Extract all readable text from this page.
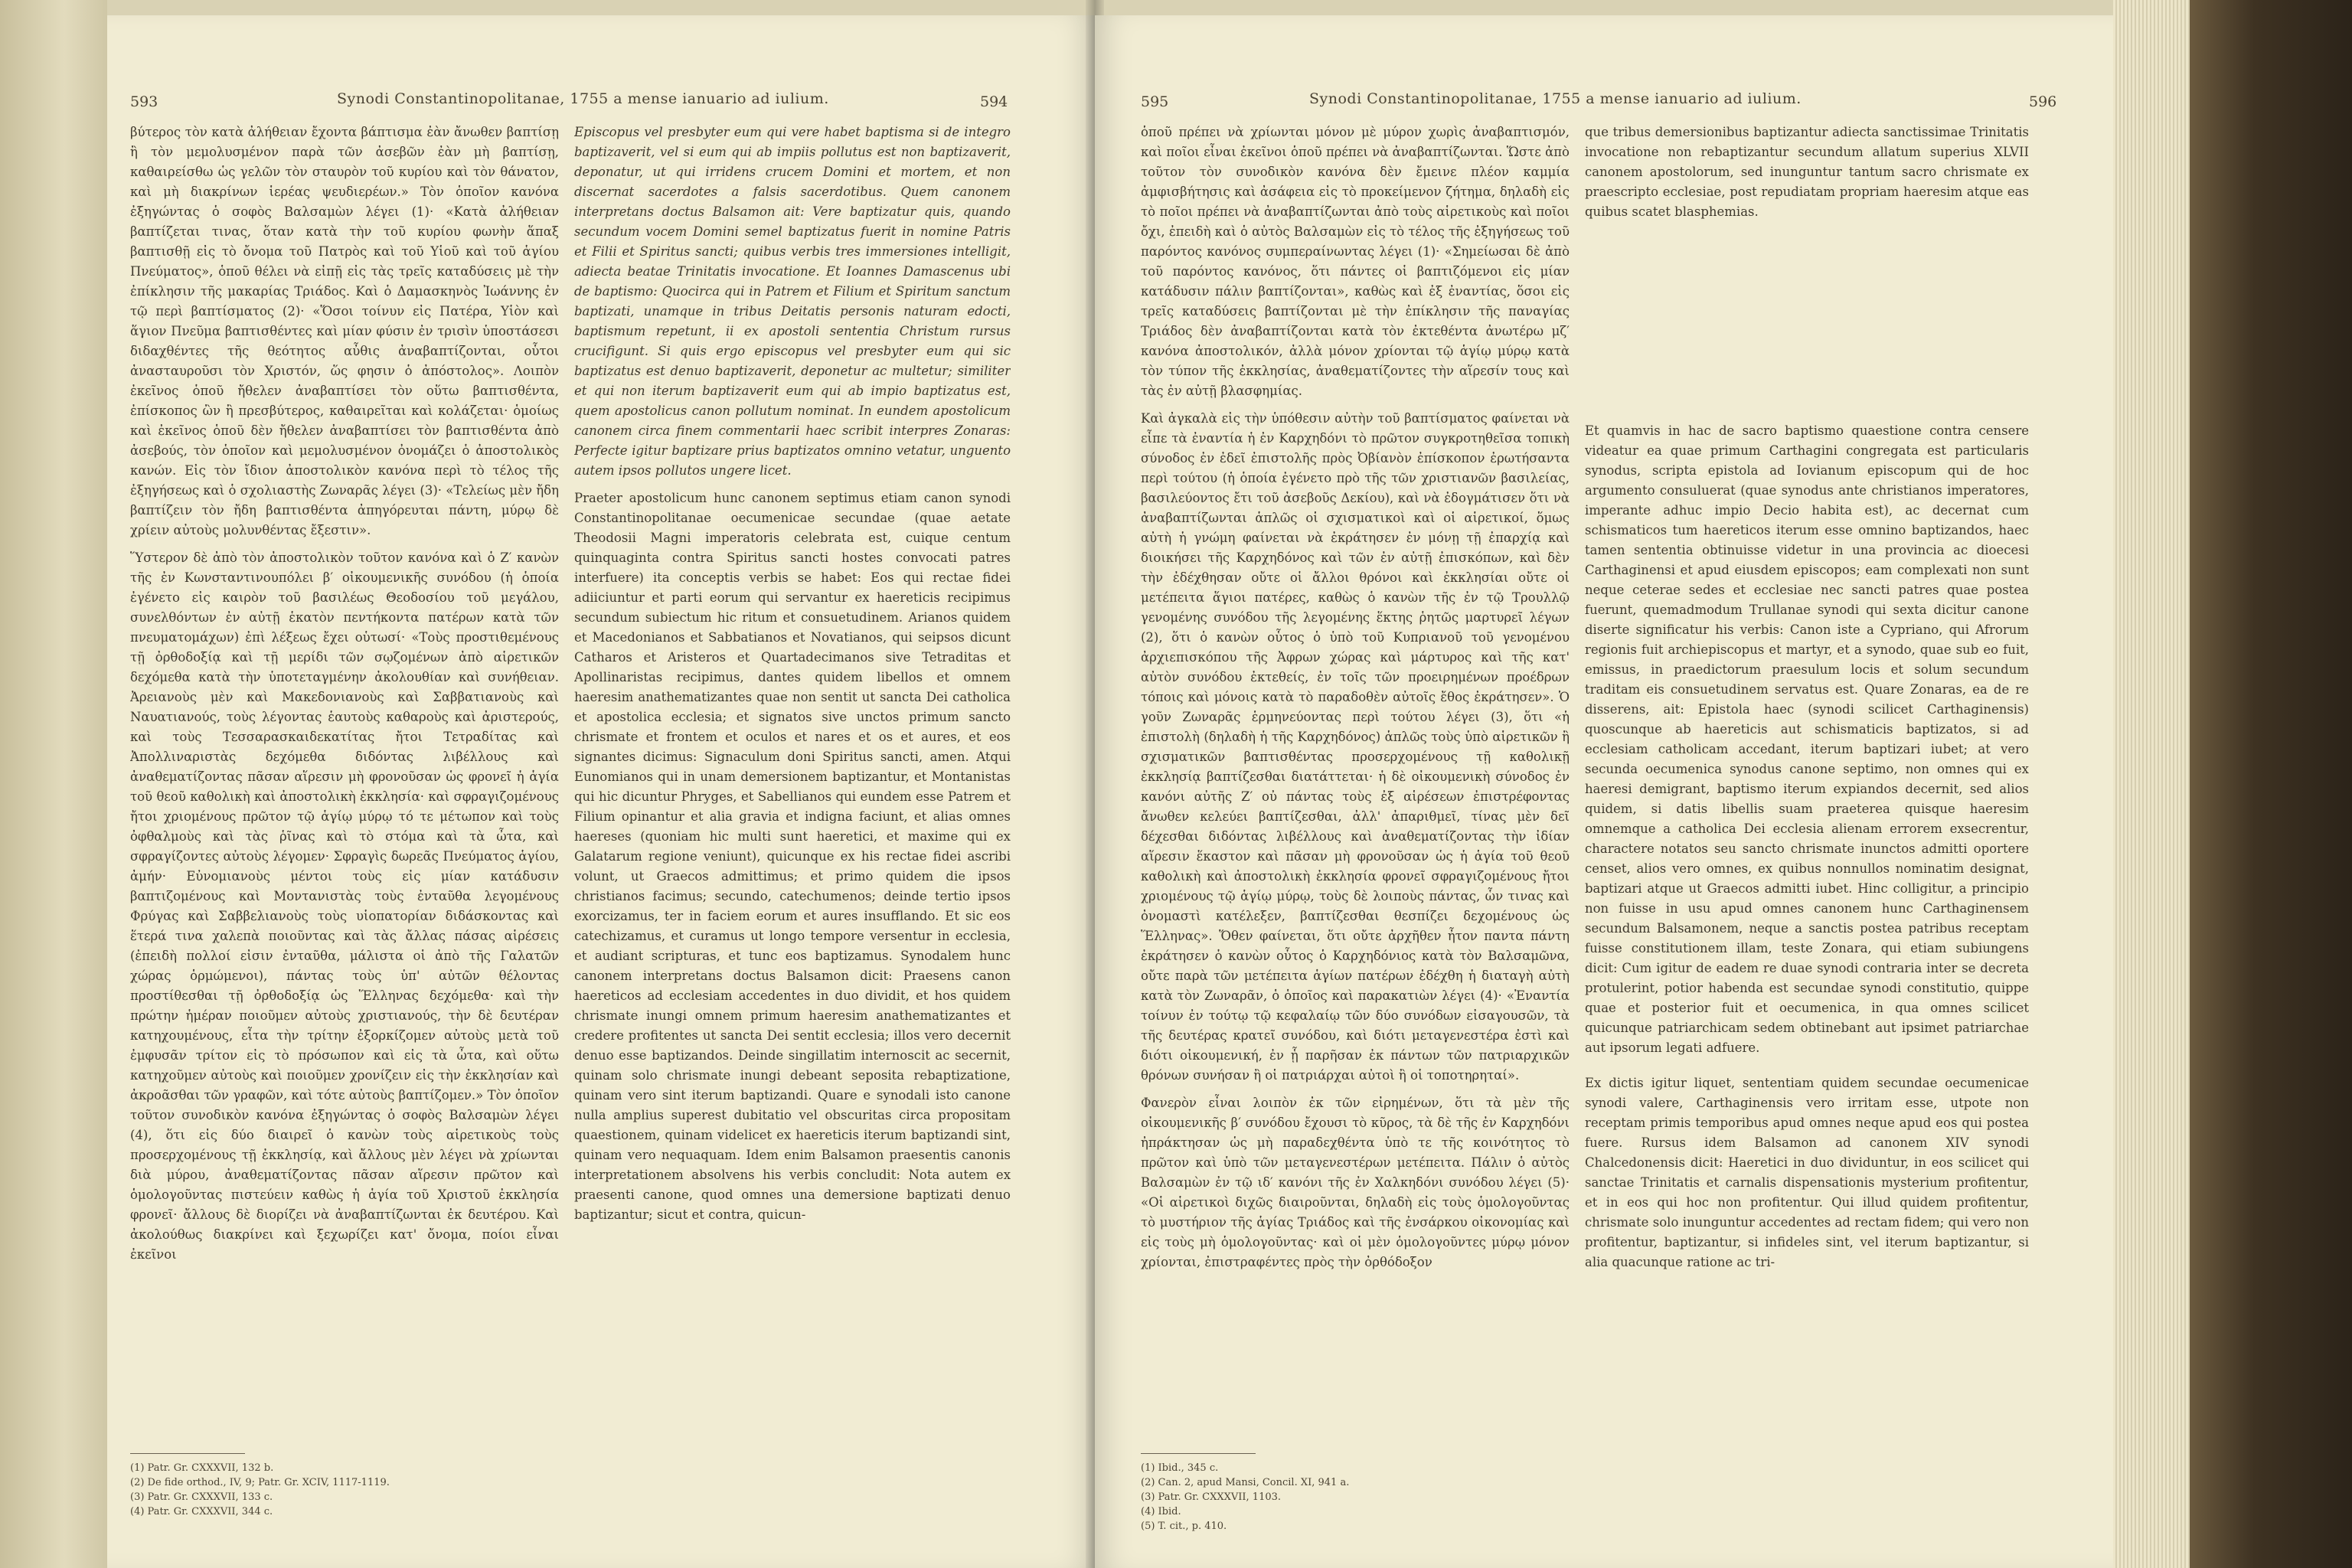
593	Synodi Constantinopolitanae, 1755 a mense ianuario ad iulium.	594

βύτερος τὸν κατὰ ἀλήθειαν ἔχοντα βάπτισμα ἐὰν ἄνωθεν βαπτίσῃ ἢ τὸν μεμολυσμένον παρὰ τῶν ἀσεβῶν ἐὰν μὴ βαπτίσῃ, καθαιρείσθω ὡς γελῶν τὸν σταυρὸν τοῦ κυρίου καὶ τὸν θάνατον, καὶ μὴ διακρίνων ἱερέας ψευδιερέων.» Τὸν ὁποῖον κανόνα ἐξηγώντας ὁ σοφὸς Βαλσαμὼν λέγει (1)· «Κατὰ ἀλήθειαν βαπτίζεται τινας, ὅταν κατὰ τὴν τοῦ κυρίου φωνὴν ἅπαξ βαπτισθῇ εἰς τὸ ὄνομα τοῦ Πατρὸς καὶ τοῦ Υἱοῦ καὶ τοῦ ἁγίου Πνεύματος», ὁποῦ θέλει νὰ εἰπῇ εἰς τὰς τρεῖς καταδύσεις μὲ τὴν ἐπίκλησιν τῆς μακαρίας Τριάδος. Καὶ ὁ Δαμασκηνὸς Ἰωάννης ἐν τῷ περὶ βαπτίσματος (2)· «Ὅσοι τοίνυν εἰς Πατέρα, Υἱὸν καὶ ἅγιον Πνεῦμα βαπτισθέντες καὶ μίαν φύσιν ἐν τρισὶν ὑποστάσεσι διδαχθέντες τῆς θεότητος αὖθις ἀναβαπτίζονται, οὗτοι ἀνασταυροῦσι τὸν Χριστόν, ὥς φησιν ὁ ἀπόστολος». Λοιπὸν ἐκεῖνος ὁποῦ ἤθελεν ἀναβαπτίσει τὸν οὕτω βαπτισθέντα, ἐπίσκοπος ὢν ἢ πρεσβύτερος, καθαιρεῖται καὶ κολάζεται· ὁμοίως καὶ ἐκεῖνος ὁποῦ δὲν ἤθελεν ἀναβαπτίσει τὸν βαπτισθέντα ἀπὸ ἀσεβούς, τὸν ὁποῖον καὶ μεμολυσμένον ὀνομάζει ὁ ἀποστολικὸς κανών. Εἰς τὸν ἴδιον ἀποστολικὸν κανόνα περὶ τὸ τέλος τῆς ἐξηγήσεως καὶ ὁ σχολιαστὴς Ζωναρᾶς λέγει (3)· «Τελείως μὲν ἤδη βαπτίζειν τὸν ἤδη βαπτισθέντα ἀπηγόρευται πάντη, μύρῳ δὲ χρίειν αὐτοὺς μολυνθέντας ἔξεστιν».

Ὕστερον δὲ ἀπὸ τὸν ἀποστολικὸν τοῦτον κανόνα καὶ ὁ Ζ′ κανὼν τῆς ἐν Κωνσταντινουπόλει β′ οἰκουμενικῆς συνόδου (ἡ ὁποία ἐγένετο εἰς καιρὸν τοῦ βασιλέως Θεοδοσίου τοῦ μεγάλου, συνελθόντων ἐν αὐτῇ ἑκατὸν πεντήκοντα πατέρων κατὰ τῶν πνευματομάχων) ἐπὶ λέξεως ἔχει οὑτωσί· «Τοὺς προστιθεμένους τῇ ὀρθοδοξίᾳ καὶ τῇ μερίδι τῶν σῳζομένων ἀπὸ αἱρετικῶν δεχόμεθα κατὰ τὴν ὑποτεταγμένην ἀκολουθίαν καὶ συνήθειαν. Ἀρειανοὺς μὲν καὶ Μακεδονιανοὺς καὶ Σαββατιανοὺς καὶ Ναυατιανούς, τοὺς λέγοντας ἑαυτοὺς καθαροὺς καὶ ἀριστερούς, καὶ τοὺς Τεσσαρασκαιδεκατίτας ἤτοι Τετραδίτας καὶ Ἀπολλιναριστὰς δεχόμεθα διδόντας λιβέλλους καὶ ἀναθεματίζοντας πᾶσαν αἵρεσιν μὴ φρονοῦσαν ὡς φρονεῖ ἡ ἁγία τοῦ θεοῦ καθολικὴ καὶ ἀποστολικὴ ἐκκλησία· καὶ σφραγιζομένους ἤτοι χριομένους πρῶτον τῷ ἁγίῳ μύρῳ τό τε μέτωπον καὶ τοὺς ὀφθαλμοὺς καὶ τὰς ῥῖνας καὶ τὸ στόμα καὶ τὰ ὦτα, καὶ σφραγίζοντες αὐτοὺς λέγομεν· Σφραγὶς δωρεᾶς Πνεύματος ἁγίου, ἀμήν· Εὐνομιανοὺς μέντοι τοὺς εἰς μίαν κατάδυσιν βαπτιζομένους καὶ Μοντανιστὰς τοὺς ἐνταῦθα λεγομένους Φρύγας καὶ Σαββελιανοὺς τοὺς υἱοπατορίαν διδάσκοντας καὶ ἕτερά τινα χαλεπὰ ποιοῦντας καὶ τὰς ἄλλας πάσας αἱρέσεις (ἐπειδὴ πολλοί εἰσιν ἐνταῦθα, μάλιστα οἱ ἀπὸ τῆς Γαλατῶν χώρας ὁρμώμενοι), πάντας τοὺς ὑπ' αὐτῶν θέλοντας προστίθεσθαι τῇ ὀρθοδοξίᾳ ὡς Ἕλληνας δεχόμεθα· καὶ τὴν πρώτην ἡμέραν ποιοῦμεν αὐτοὺς χριστιανούς, τὴν δὲ δευτέραν κατηχουμένους, εἶτα τὴν τρίτην ἐξορκίζομεν αὐτοὺς μετὰ τοῦ ἐμφυσᾶν τρίτον εἰς τὸ πρόσωπον καὶ εἰς τὰ ὦτα, καὶ οὕτω κατηχοῦμεν αὐτοὺς καὶ ποιοῦμεν χρονίζειν εἰς τὴν ἐκκλησίαν καὶ ἀκροᾶσθαι τῶν γραφῶν, καὶ τότε αὐτοὺς βαπτίζομεν.» Τὸν ὁποῖον τοῦτον συνοδικὸν κανόνα ἐξηγώντας ὁ σοφὸς Βαλσαμὼν λέγει (4), ὅτι εἰς δύο διαιρεῖ ὁ κανὼν τοὺς αἱρετικοὺς τοὺς προσερχομένους τῇ ἐκκλησίᾳ, καὶ ἄλλους μὲν λέγει νὰ χρίωνται διὰ μύρου, ἀναθεματίζοντας πᾶσαν αἵρεσιν πρῶτον καὶ ὁμολογοῦντας πιστεύειν καθὼς ἡ ἁγία τοῦ Χριστοῦ ἐκκλησία φρονεῖ· ἄλλους δὲ διορίζει νὰ ἀναβαπτίζωνται ἐκ δευτέρου. Καὶ ἀκολούθως διακρίνει καὶ ξεχωρίζει κατ' ὄνομα, ποίοι εἶναι ἐκεῖνοι

Episcopus vel presbyter eum qui vere habet baptisma si de integro baptizaverit, vel si eum qui ab impiis pollutus est non baptizaverit, deponatur, ut qui irridens crucem Domini et mortem, et non discernat sacerdotes a falsis sacerdotibus. Quem canonem interpretans doctus Balsamon ait: Vere baptizatur quis, quando secundum vocem Domini semel baptizatus fuerit in nomine Patris et Filii et Spiritus sancti; quibus verbis tres immersiones intelligit, adiecta beatae Trinitatis invocatione. Et Ioannes Damascenus ubi de baptismo: Quocirca qui in Patrem et Filium et Spiritum sanctum baptizati, unamque in tribus Deitatis personis naturam edocti, baptismum repetunt, ii ex apostoli sententia Christum rursus crucifigunt. Si quis ergo episcopus vel presbyter eum qui sic baptizatus est denuo baptizaverit, deponetur ac multetur; similiter et qui non iterum baptizaverit eum qui ab impio baptizatus est, quem apostolicus canon pollutum nominat. In eundem apostolicum canonem circa finem commentarii haec scribit interpres Zonaras: Perfecte igitur baptizare prius baptizatos omnino vetatur, unguento autem ipsos pollutos ungere licet.

Praeter apostolicum hunc canonem septimus etiam canon synodi Constantinopolitanae oecumenicae secundae (quae aetate Theodosii Magni imperatoris celebrata est, cuique centum quinquaginta contra Spiritus sancti hostes convocati patres interfuere) ita conceptis verbis se habet: Eos qui rectae fidei adiiciuntur et parti eorum qui servantur ex haereticis recipimus secundum subiectum hic ritum et consuetudinem. Arianos quidem et Macedonianos et Sabbatianos et Novatianos, qui seipsos dicunt Catharos et Aristeros et Quartadecimanos sive Tetraditas et Apollinaristas recipimus, dantes quidem libellos et omnem haeresim anathematizantes quae non sentit ut sancta Dei catholica et apostolica ecclesia; et signatos sive unctos primum sancto chrismate et frontem et oculos et nares et os et aures, et eos signantes dicimus: Signaculum doni Spiritus sancti, amen. Atqui Eunomianos qui in unam demersionem baptizantur, et Montanistas qui hic dicuntur Phryges, et Sabellianos qui eundem esse Patrem et Filium opinantur et alia gravia et indigna faciunt, et alias omnes haereses (quoniam hic multi sunt haeretici, et maxime qui ex Galatarum regione veniunt), quicunque ex his rectae fidei ascribi volunt, ut Graecos admittimus; et primo quidem die ipsos christianos facimus; secundo, catechumenos; deinde tertio ipsos exorcizamus, ter in faciem eorum et aures insufflando. Et sic eos catechizamus, et curamus ut longo tempore versentur in ecclesia, et audiant scripturas, et tunc eos baptizamus. Synodalem hunc canonem interpretans doctus Balsamon dicit: Praesens canon haereticos ad ecclesiam accedentes in duo dividit, et hos quidem chrismate inungi omnem primum haeresim anathematizantes et credere profitentes ut sancta Dei sentit ecclesia; illos vero decernit denuo esse baptizandos. Deinde singillatim internoscit ac secernit, quinam solo chrismate inungi debeant seposita rebaptizatione, quinam vero sint iterum baptizandi. Quare e synodali isto canone nulla amplius superest dubitatio vel obscuritas circa propositam quaestionem, quinam videlicet ex haereticis iterum baptizandi sint, quinam vero nequaquam. Idem enim Balsamon praesentis canonis interpretationem absolvens his verbis concludit: Nota autem ex praesenti canone, quod omnes una demersione baptizati denuo baptizantur; sicut et contra, quicun-

(1) Patr. Gr. CXXXVII, 132 b.
(2) De fide orthod., IV, 9; Patr. Gr. XCIV, 1117-1119.
(3) Patr. Gr. CXXXVII, 133 c.
(4) Patr. Gr. CXXXVII, 344 c.
595	Synodi Constantinopolitanae, 1755 a mense ianuario ad iulium.	596

ὁποῦ πρέπει νὰ χρίωνται μόνον μὲ μύρον χωρὶς ἀναβαπτισμόν, καὶ ποῖοι εἶναι ἐκεῖνοι ὁποῦ πρέπει νὰ ἀναβαπτίζωνται. Ὥστε ἀπὸ τοῦτον τὸν συνοδικὸν κανόνα δὲν ἔμεινε πλέον καμμία ἀμφισβήτησις καὶ ἀσάφεια εἰς τὸ προκείμενον ζήτημα, δηλαδὴ εἰς τὸ ποῖοι πρέπει νὰ ἀναβαπτίζωνται ἀπὸ τοὺς αἱρετικοὺς καὶ ποῖοι ὄχι, ἐπειδὴ καὶ ὁ αὐτὸς Βαλσαμὼν εἰς τὸ τέλος τῆς ἐξηγήσεως τοῦ παρόντος κανόνος συμπεραίνωντας λέγει (1)· «Σημείωσαι δὲ ἀπὸ τοῦ παρόντος κανόνος, ὅτι πάντες οἱ βαπτιζόμενοι εἰς μίαν κατάδυσιν πάλιν βαπτίζονται», καθὼς καὶ ἐξ ἐναντίας, ὅσοι εἰς τρεῖς καταδύσεις βαπτίζονται μὲ τὴν ἐπίκλησιν τῆς παναγίας Τριάδος δὲν ἀναβαπτίζονται κατὰ τὸν ἐκτεθέντα ἀνωτέρω μζ′ κανόνα ἀποστολικόν, ἀλλὰ μόνον χρίονται τῷ ἁγίῳ μύρῳ κατὰ τὸν τύπον τῆς ἐκκλησίας, ἀναθεματίζοντες τὴν αἵρεσίν τους καὶ τὰς ἐν αὐτῇ βλασφημίας.

Καὶ ἀγκαλὰ εἰς τὴν ὑπόθεσιν αὐτὴν τοῦ βαπτίσματος φαίνεται νὰ εἶπε τὰ ἐναντία ἡ ἐν Καρχηδόνι τὸ πρῶτον συγκροτηθεῖσα τοπικὴ σύνοδος ἐν ἐδεῖ ἐπιστολῆς πρὸς Ὀβίανὸν ἐπίσκοπον ἐρωτήσαντα περὶ τούτου (ἡ ὁποία ἐγένετο πρὸ τῆς τῶν χριστιανῶν βασιλείας, βασιλεύοντος ἔτι τοῦ ἀσεβοῦς Δεκίου), καὶ νὰ ἐδογμάτισεν ὅτι νὰ ἀναβαπτίζωνται ἁπλῶς οἱ σχισματικοὶ καὶ οἱ αἱρετικοί, ὅμως αὐτὴ ἡ γνώμη φαίνεται νὰ ἐκράτησεν ἐν μόνῃ τῇ ἐπαρχίᾳ καὶ διοικήσει τῆς Καρχηδόνος καὶ τῶν ἐν αὐτῇ ἐπισκόπων, καὶ δὲν τὴν ἐδέχθησαν οὔτε οἱ ἄλλοι θρόνοι καὶ ἐκκλησίαι οὔτε οἱ μετέπειτα ἅγιοι πατέρες, καθὼς ὁ κανὼν τῆς ἐν τῷ Τρουλλῷ γενομένης συνόδου τῆς λεγομένης ἕκτης ῥητῶς μαρτυρεῖ λέγων (2), ὅτι ὁ κανὼν οὗτος ὁ ὑπὸ τοῦ Κυπριανοῦ τοῦ γενομένου ἀρχιεπισκόπου τῆς Ἀφρων χώρας καὶ μάρτυρος καὶ τῆς κατ' αὐτὸν συνόδου ἐκτεθείς, ἐν τοῖς τῶν προειρημένων προέδρων τόποις καὶ μόνοις κατὰ τὸ παραδοθὲν αὐτοῖς ἔθος ἐκράτησεν». Ὁ γοῦν Ζωναρᾶς ἑρμηνεύοντας περὶ τούτου λέγει (3), ὅτι «ἡ ἐπιστολὴ (δηλαδὴ ἡ τῆς Καρχηδόνος) ἁπλῶς τοὺς ὑπὸ αἱρετικῶν ἢ σχισματικῶν βαπτισθέντας προσερχομένους τῇ καθολικῇ ἐκκλησίᾳ βαπτίζεσθαι διατάττεται· ἡ δὲ οἰκουμενικὴ σύνοδος ἐν κανόνι αὐτῆς Ζ′ οὐ πάντας τοὺς ἐξ αἱρέσεων ἐπιστρέφοντας ἄνωθεν κελεύει βαπτίζεσθαι, ἀλλ' ἀπαριθμεῖ, τίνας μὲν δεῖ δέχεσθαι διδόντας λιβέλλους καὶ ἀναθεματίζοντας τὴν ἰδίαν αἵρεσιν ἕκαστον καὶ πᾶσαν μὴ φρονοῦσαν ὡς ἡ ἁγία τοῦ θεοῦ καθολικὴ καὶ ἀποστολικὴ ἐκκλησία φρονεῖ σφραγιζομένους ἤτοι χριομένους τῷ ἁγίῳ μύρῳ, τοὺς δὲ λοιποὺς πάντας, ὧν τινας καὶ ὀνομαστὶ κατέλεξεν, βαπτίζεσθαι θεσπίζει δεχομένους ὡς Ἕλληνας». Ὅθεν φαίνεται, ὅτι οὔτε ἀρχῆθεν ἦτον παντα πάντη ἐκράτησεν ὁ κανὼν οὗτος ὁ Καρχηδόνιος κατὰ τὸν Βαλσαμῶνα, οὔτε παρὰ τῶν μετέπειτα ἁγίων πατέρων ἐδέχθη ἡ διαταγὴ αὐτὴ κατὰ τὸν Ζωναρᾶν, ὁ ὁποῖος καὶ παρακατιὼν λέγει (4)· «Ἐναντία τοίνυν ἐν τούτῳ τῷ κεφαλαίῳ τῶν δύο συνόδων εἰσαγουσῶν, τὰ τῆς δευτέρας κρατεῖ συνόδου, καὶ διότι μεταγενεστέρα ἐστὶ καὶ διότι οἰκουμενική, ἐν ᾗ παρῆσαν ἐκ πάντων τῶν πατριαρχικῶν θρόνων συνήσαν ἢ οἱ πατριάρχαι αὐτοὶ ἢ οἱ τοποτηρηταί».

Φανερὸν εἶναι λοιπὸν ἐκ τῶν εἰρημένων, ὅτι τὰ μὲν τῆς οἰκουμενικῆς β′ συνόδου ἔχουσι τὸ κῦρος, τὰ δὲ τῆς ἐν Καρχηδόνι ἠπράκτησαν ὡς μὴ παραδεχθέντα ὑπὸ τε τῆς κοινότητος τὸ πρῶτον καὶ ὑπὸ τῶν μεταγενεστέρων μετέπειτα. Πάλιν ὁ αὐτὸς Βαλσαμὼν ἐν τῷ ιδ′ κανόνι τῆς ἐν Χαλκηδόνι συνόδου λέγει (5)· «Οἱ αἱρετικοὶ διχῶς διαιροῦνται, δηλαδὴ εἰς τοὺς ὁμολογοῦντας τὸ μυστήριον τῆς ἁγίας Τριάδος καὶ τῆς ἐνσάρκου οἰκονομίας καὶ εἰς τοὺς μὴ ὁμολογοῦντας· καὶ οἱ μὲν ὁμολογοῦντες μύρῳ μόνον χρίονται, ἐπιστραφέντες πρὸς τὴν ὀρθόδοξον

que tribus demersionibus baptizantur adiecta sanctissimae Trinitatis invocatione non rebaptizantur secundum allatum superius XLVII canonem apostolorum, sed inunguntur tantum sacro chrismate ex praescripto ecclesiae, post repudiatam propriam haeresim atque eas quibus scatet blasphemias.

Et quamvis in hac de sacro baptismo quaestione contra censere videatur ea quae primum Carthagini congregata est particularis synodus, scripta epistola ad Iovianum episcopum qui de hoc argumento consuluerat (quae synodus ante christianos imperatores, imperante adhuc impio Decio habita est), ac decernat cum schismaticos tum haereticos iterum esse omnino baptizandos, haec tamen sententia obtinuisse videtur in una provincia ac dioecesi Carthaginensi et apud eiusdem episcopos; eam complexati non sunt neque ceterae sedes et ecclesiae nec sancti patres quae postea fuerunt, quemadmodum Trullanae synodi qui sexta dicitur canone diserte significatur his verbis: Canon iste a Cypriano, qui Afrorum regionis fuit archiepiscopus et martyr, et a synodo, quae sub eo fuit, emissus, in praedictorum praesulum locis et solum secundum traditam eis consuetudinem servatus est. Quare Zonaras, ea de re disserens, ait: Epistola haec (synodi scilicet Carthaginensis) quoscunque ab haereticis aut schismaticis baptizatos, si ad ecclesiam catholicam accedant, iterum baptizari iubet; at vero secunda oecumenica synodus canone septimo, non omnes qui ex haeresi demigrant, baptismo iterum expiandos decernit, sed alios quidem, si datis libellis suam praeterea quisque haeresim omnemque a catholica Dei ecclesia alienam errorem exsecrentur, charactere notatos seu sancto chrismate inunctos admitti oportere censet, alios vero omnes, ex quibus nonnullos nominatim designat, baptizari atque ut Graecos admitti iubet. Hinc colligitur, a principio non fuisse in usu apud omnes canonem hunc Carthaginensem secundum Balsamonem, neque a sanctis postea patribus receptam fuisse constitutionem illam, teste Zonara, qui etiam subiungens dicit: Cum igitur de eadem re duae synodi contraria inter se decreta protulerint, potior habenda est secundae synodi constitutio, quippe quae et posterior fuit et oecumenica, in qua omnes scilicet quicunque patriarchicam sedem obtinebant aut ipsimet patriarchae aut ipsorum legati adfuere.

Ex dictis igitur liquet, sententiam quidem secundae oecumenicae synodi valere, Carthaginensis vero irritam esse, utpote non receptam primis temporibus apud omnes neque apud eos qui postea fuere. Rursus idem Balsamon ad canonem XIV synodi Chalcedonensis dicit: Haeretici in duo dividuntur, in eos scilicet qui sanctae Trinitatis et carnalis dispensationis mysterium profitentur, et in eos qui hoc non profitentur. Qui illud quidem profitentur, chrismate solo inunguntur accedentes ad rectam fidem; qui vero non profitentur, baptizantur, si infideles sint, vel iterum baptizantur, si alia quacunque ratione ac tri-

(1) Ibid., 345 c.
(2) Can. 2, apud Mansi, Concil. XI, 941 a.
(3) Patr. Gr. CXXXVII, 1103.
(4) Ibid.
(5) T. cit., p. 410.
